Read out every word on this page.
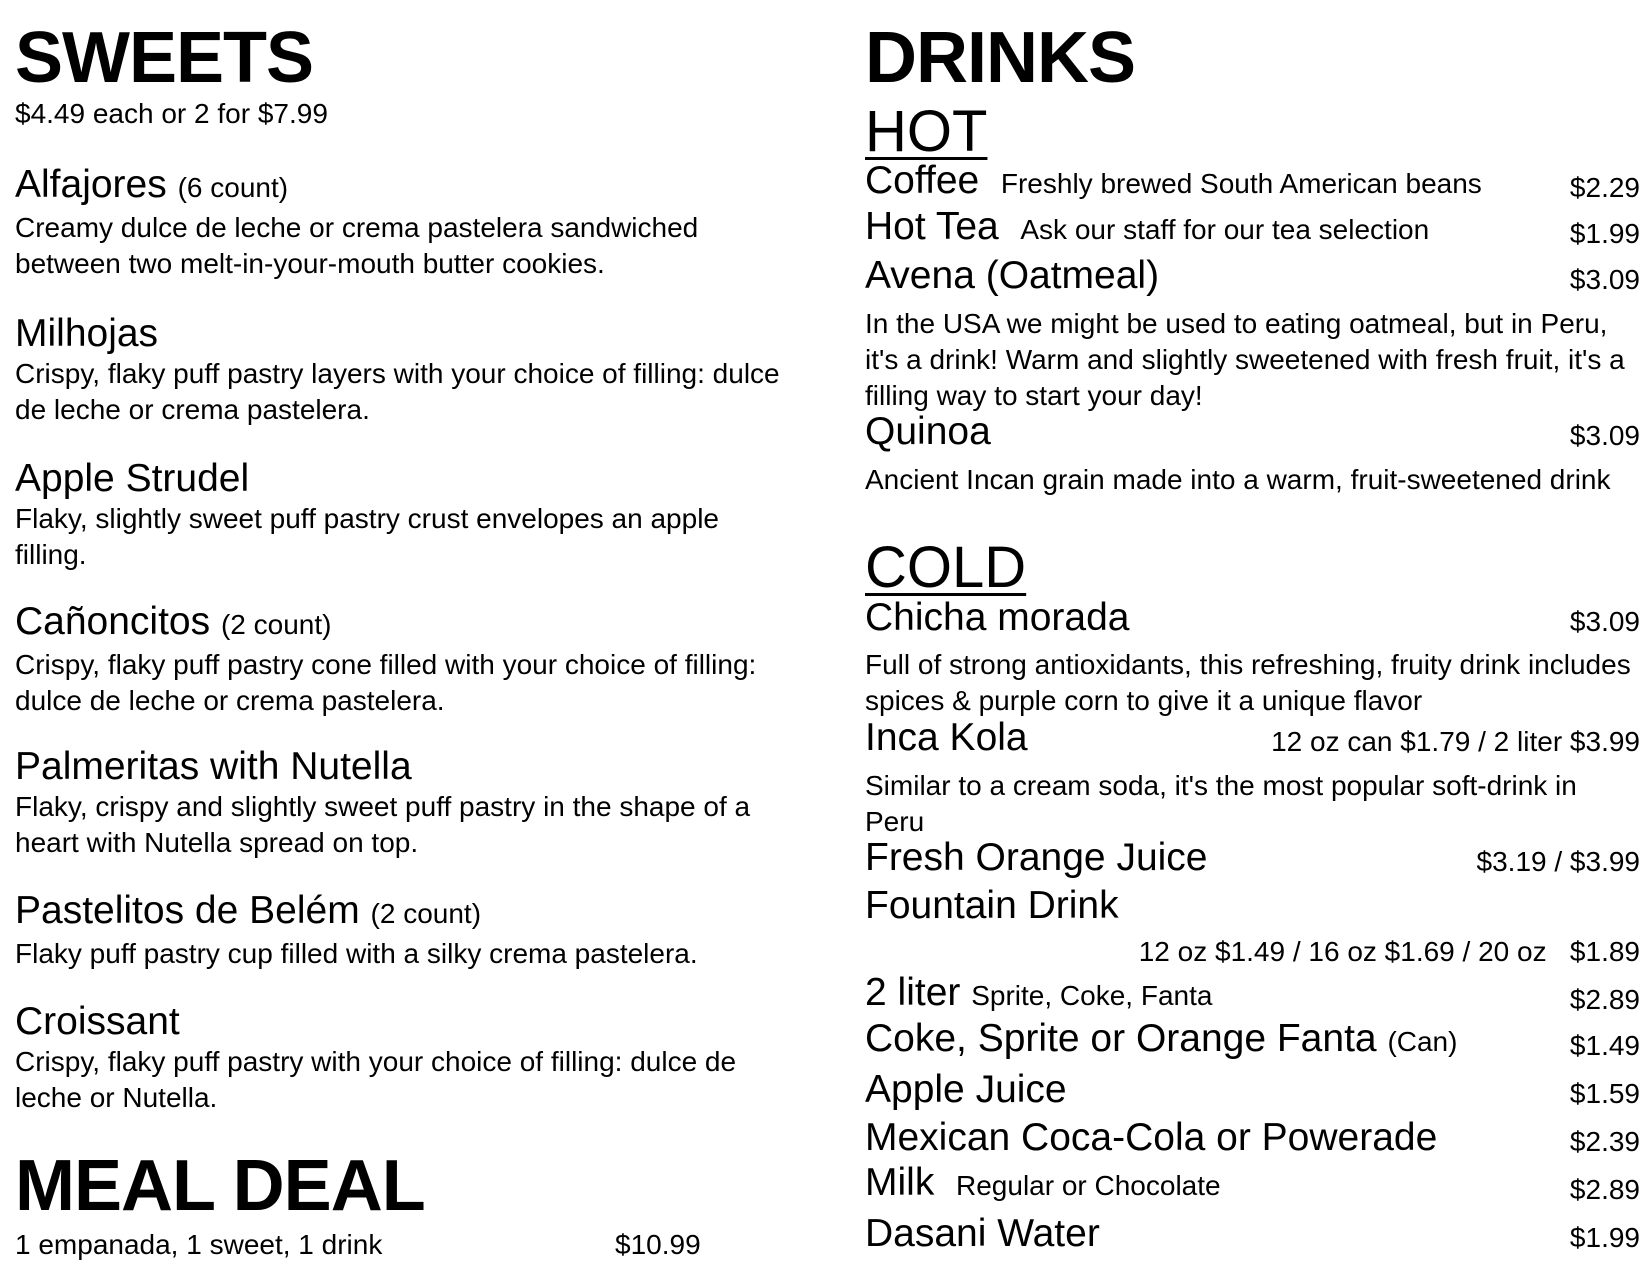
SWEETS
$4.49 each or 2 for $7.99
Alfajores (6 count)
Creamy dulce de leche or crema pastelera sandwiched between two melt-in-your-mouth butter cookies.
Milhojas
Crispy, flaky puff pastry layers with your choice of filling: dulce de leche or crema pastelera.
Apple Strudel
Flaky, slightly sweet puff pastry crust envelopes an apple filling.
Cañoncitos (2 count)
Crispy, flaky puff pastry cone filled with your choice of filling: dulce de leche or crema pastelera.
Palmeritas with Nutella
Flaky, crispy and slightly sweet puff pastry in the shape of a heart with Nutella spread on top.
Pastelitos de Belém (2 count)
Flaky puff pastry cup filled with a silky crema pastelera.
Croissant
Crispy, flaky puff pastry with your choice of filling: dulce de leche or Nutella.
MEAL DEAL
1 empanada, 1 sweet, 1 drink	$10.99
DRINKS
HOT
Coffee Freshly brewed South American beans	$2.29
Hot Tea Ask our staff for our tea selection	$1.99
Avena (Oatmeal)	$3.09
In the USA we might be used to eating oatmeal, but in Peru, it's a drink! Warm and slightly sweetened with fresh fruit, it's a filling way to start your day!
Quinoa	$3.09
Ancient Incan grain made into a warm, fruit-sweetened drink
COLD
Chicha morada	$3.09
Full of strong antioxidants, this refreshing, fruity drink includes spices & purple corn to give it a unique flavor
Inca Kola	12 oz can $1.79 / 2 liter $3.99
Similar to a cream soda, it's the most popular soft-drink in Peru
Fresh Orange Juice	$3.19 / $3.99
Fountain Drink
12 oz $1.49 / 16 oz $1.69 / 20 oz $1.89
2 liter Sprite, Coke, Fanta	$2.89
Coke, Sprite or Orange Fanta (Can)	$1.49
Apple Juice	$1.59
Mexican Coca-Cola or Powerade	$2.39
Milk Regular or Chocolate	$2.89
Dasani Water	$1.99
